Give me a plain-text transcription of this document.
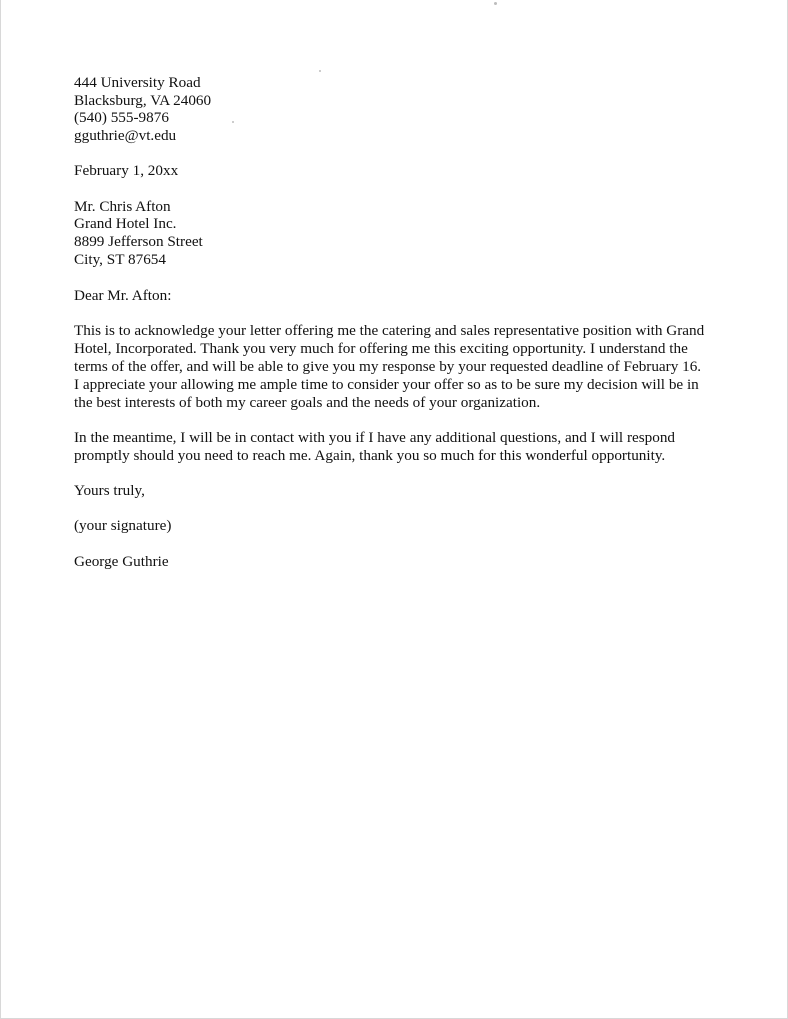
444 University Road
Blacksburg, VA 24060
(540) 555-9876
gguthrie@vt.edu
February 1, 20xx
Mr. Chris Afton
Grand Hotel Inc.
8899 Jefferson Street
City, ST 87654
Dear Mr. Afton:
This is to acknowledge your letter offering me the catering and sales representative position with Grand
Hotel, Incorporated. Thank you very much for offering me this exciting opportunity. I understand the
terms of the offer, and will be able to give you my response by your requested deadline of February 16.
I appreciate your allowing me ample time to consider your offer so as to be sure my decision will be in
the best interests of both my career goals and the needs of your organization.
In the meantime, I will be in contact with you if I have any additional questions, and I will respond
promptly should you need to reach me. Again, thank you so much for this wonderful opportunity.
Yours truly,
(your signature)
George Guthrie
